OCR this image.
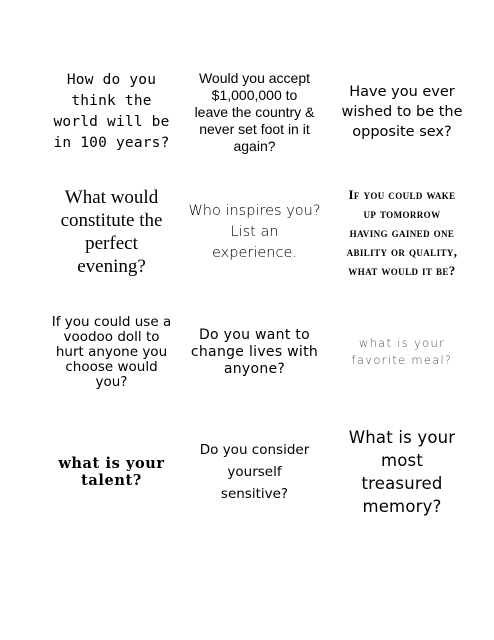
How do you
think the
world will be
in 100 years?

Would you accept
$1,000,000 to
leave the country &
never set foot in it
again?

Have you ever
wished to be the
opposite sex?

What would
constitute the
perfect
evening?

Who inspires you?
List an
experience.

If you could wake
up tomorrow
having gained one
ability or quality,
what would it be?

If you could use a
voodoo doll to
hurt anyone you
choose would
you?

Do you want to
change lives with
anyone?

what is your
favorite meal?

what is your
talent?

Do you consider
yourself
sensitive?

What is your
most
treasured
memory?
